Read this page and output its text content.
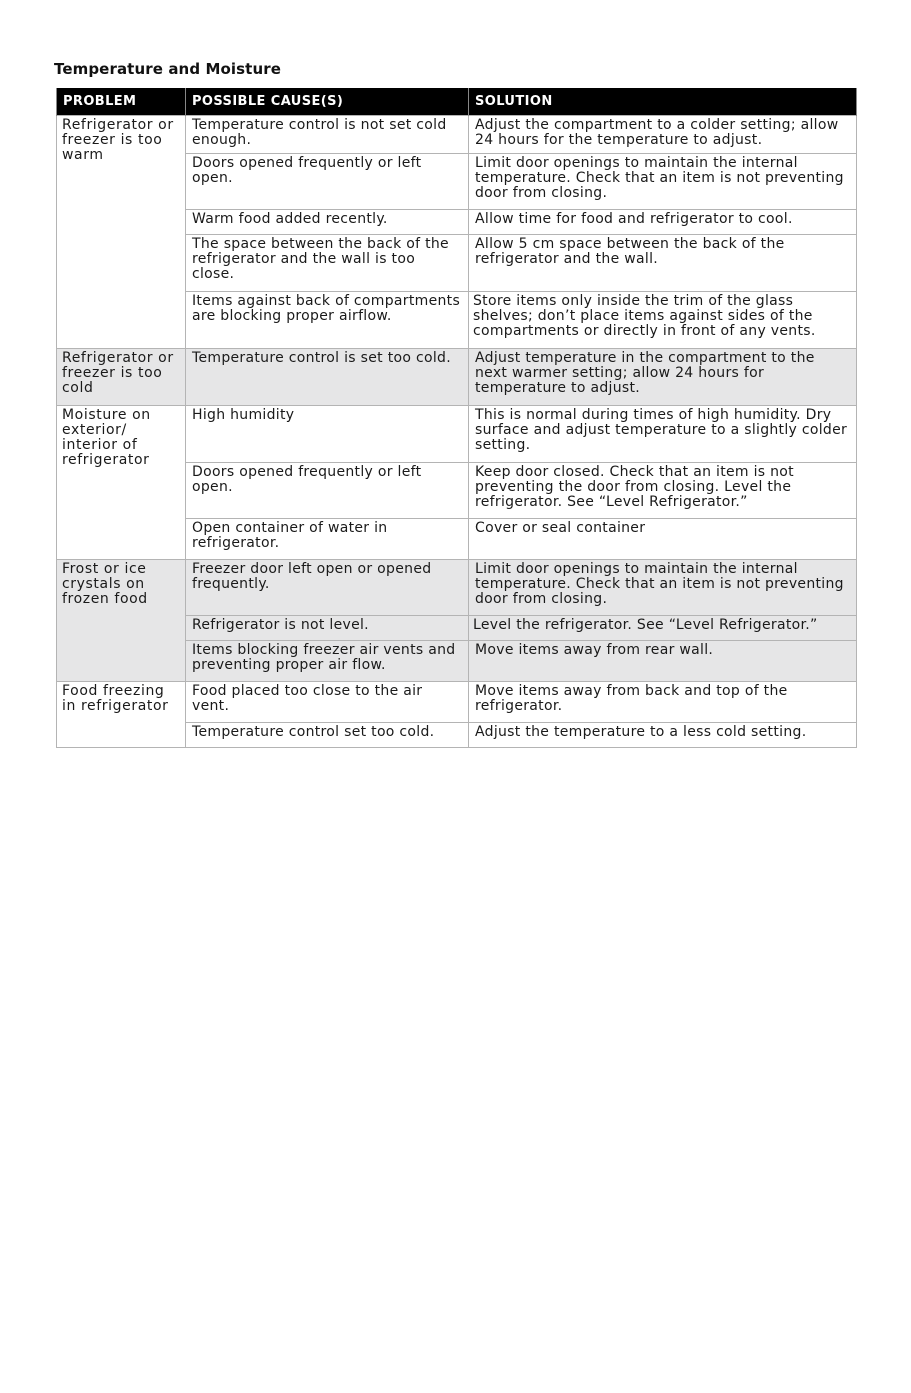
Temperature and Moisture
PROBLEM	POSSIBLE CAUSE(S)	SOLUTION
Refrigerator or freezer is too warm	Temperature control is not set cold enough.	Adjust the compartment to a colder setting; allow 24 hours for the temperature to adjust.
	Doors opened frequently or left open.	Limit door openings to maintain the internal temperature. Check that an item is not preventing door from closing.
	Warm food added recently.	Allow time for food and refrigerator to cool.
	The space between the back of the refrigerator and the wall is too close.	Allow 5 cm space between the back of the refrigerator and the wall.
	Items against back of compartments are blocking proper airflow.	Store items only inside the trim of the glass shelves; don’t place items against sides of the compartments or directly in front of any vents.
Refrigerator or freezer is too cold	Temperature control is set too cold.	Adjust temperature in the compartment to the next warmer setting; allow 24 hours for temperature to adjust.
Moisture on exterior/ interior of refrigerator	High humidity	This is normal during times of high humidity. Dry surface and adjust temperature to a slightly colder setting.
	Doors opened frequently or left open.	Keep door closed. Check that an item is not preventing the door from closing. Level the refrigerator. See “Level Refrigerator.”
	Open container of water in refrigerator.	Cover or seal container
Frost or ice crystals on frozen food	Freezer door left open or opened frequently.	Limit door openings to maintain the internal temperature. Check that an item is not preventing door from closing.
	Refrigerator is not level.	Level the refrigerator. See “Level Refrigerator.”
	Items blocking freezer air vents and preventing proper air flow.	Move items away from rear wall.
Food freezing in refrigerator	Food placed too close to the air vent.	Move items away from back and top of the refrigerator.
	Temperature control set too cold.	Adjust the temperature to a less cold setting.
